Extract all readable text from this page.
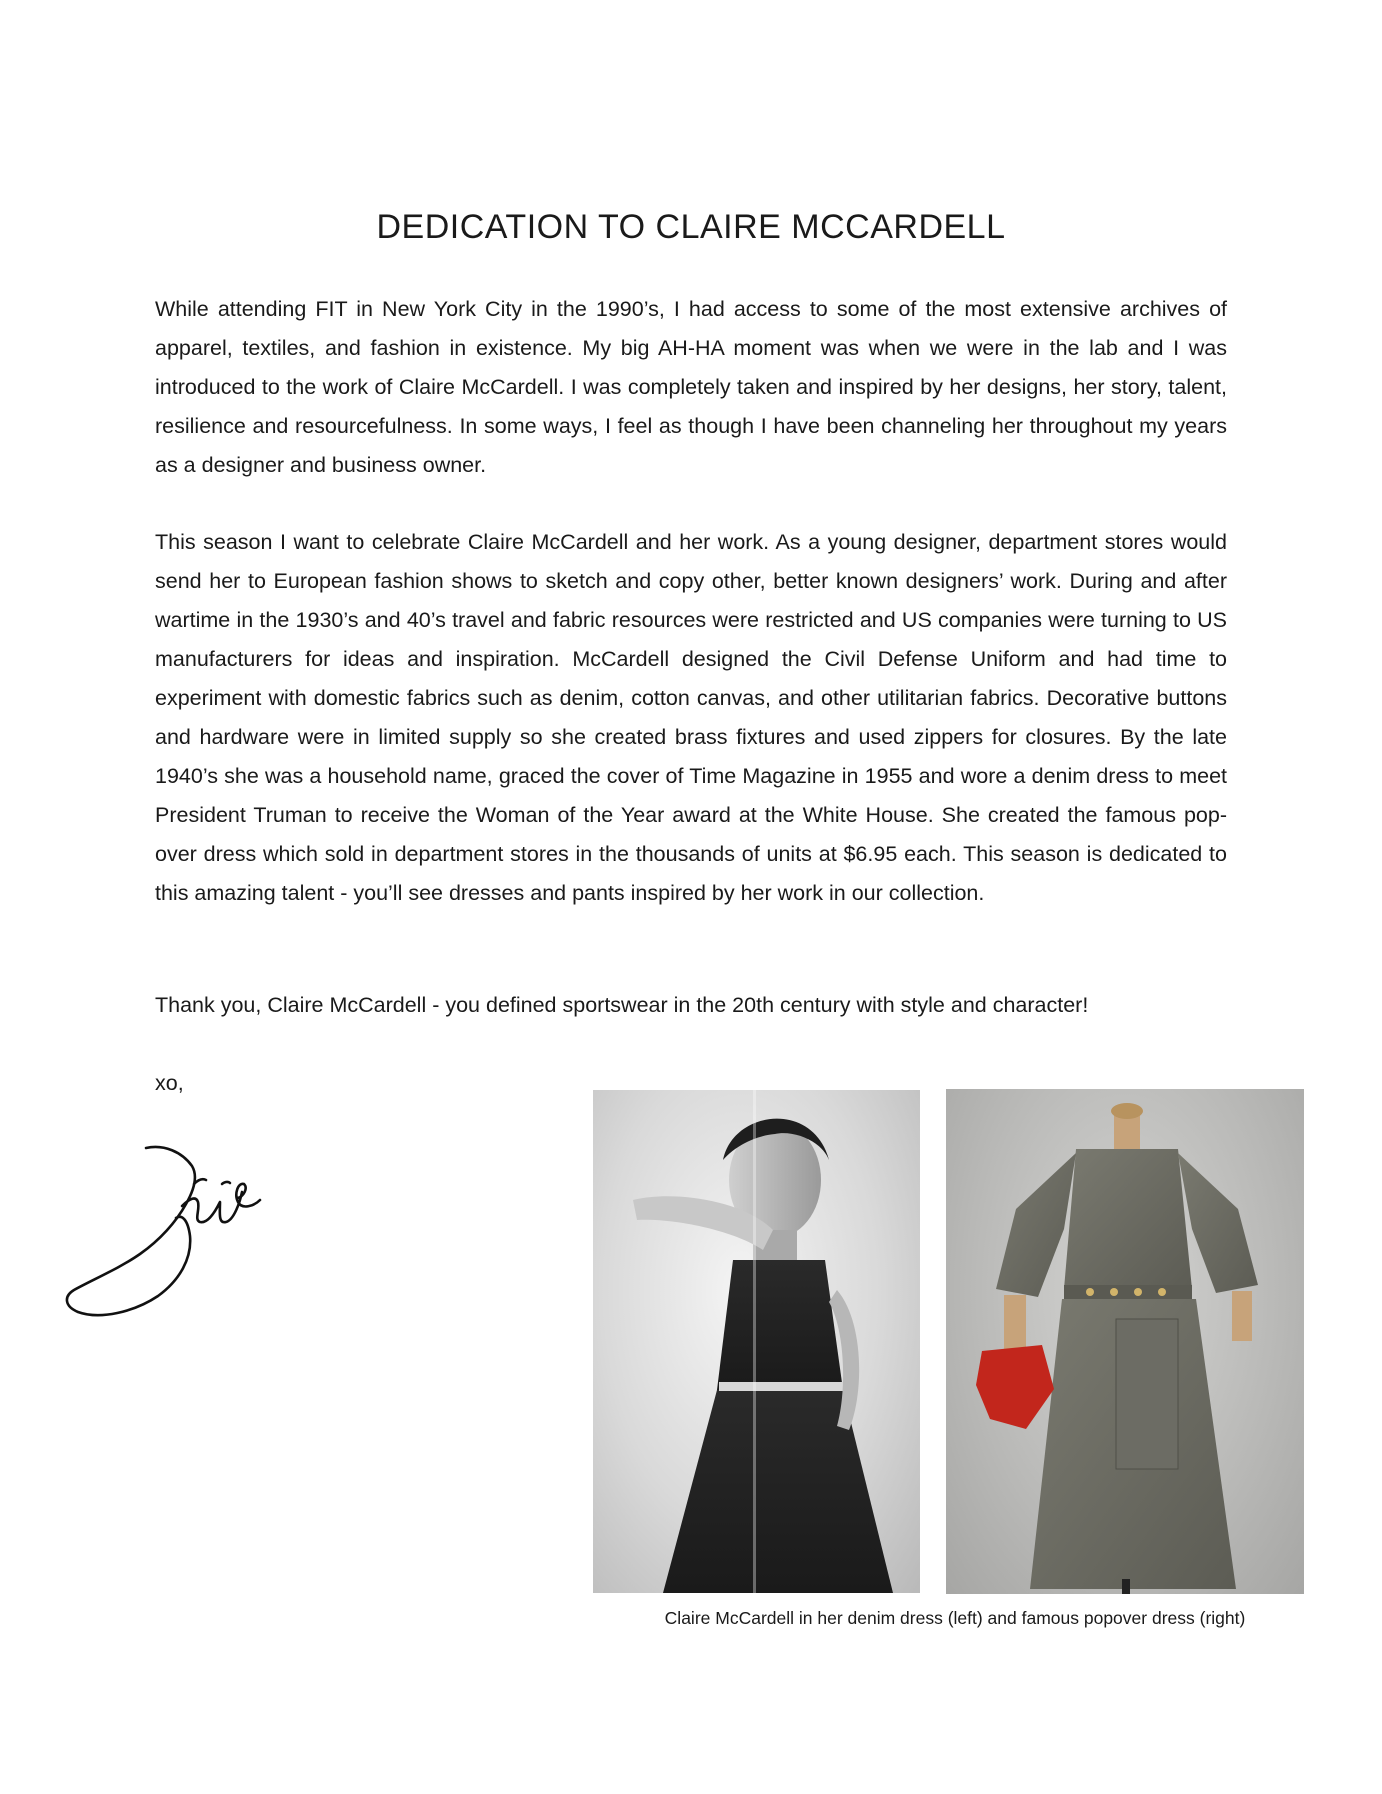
DEDICATION TO CLAIRE MCCARDELL

While attending FIT in New York City in the 1990’s, I had access to some of the most extensive archives of apparel, textiles, and fashion in existence. My big AH-HA moment was when we were in the lab and I was introduced to the work of Claire McCardell. I was completely taken and inspired by her designs, her story, talent, resilience and resourcefulness. In some ways, I feel as though I have been channeling her throughout my years as a designer and business owner.

This season I want to celebrate Claire McCardell and her work. As a young designer, department stores would send her to European fashion shows to sketch and copy other, better known designers’ work. During and after wartime in the 1930’s and 40’s travel and fabric resources were restricted and US companies were turning to US manufacturers for ideas and inspiration. McCardell designed the Civil Defense Uniform and had time to experiment with domestic fabrics such as denim, cotton canvas, and other utilitarian fabrics. Decorative buttons and hardware were in limited supply so she created brass fixtures and used zippers for closures. By the late 1940’s she was a household name, graced the cover of Time Magazine in 1955 and wore a denim dress to meet President Truman to receive the Woman of the Year award at the White House. She created the famous pop-over dress which sold in department stores in the thousands of units at $6.95 each. This season is dedicated to this amazing talent - you’ll see dresses and pants inspired by her work in our collection.

Thank you, Claire McCardell - you defined sportswear in the 20th century with style and character!

xo,

Claire McCardell in her denim dress (left) and famous popover dress (right)
